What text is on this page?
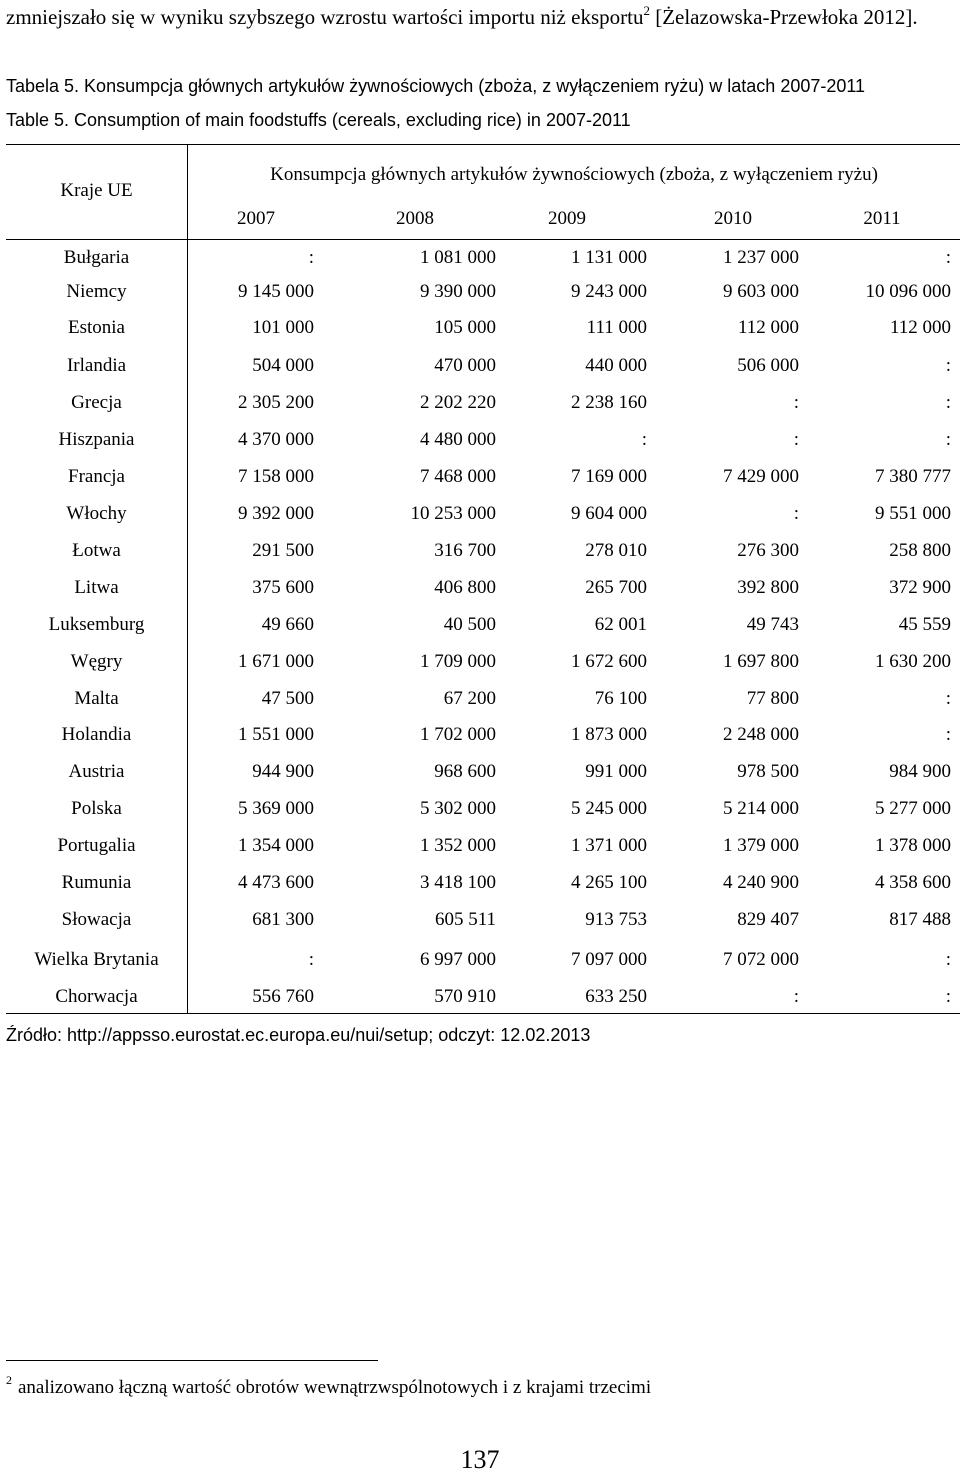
zmniejszało się w wyniku szybszego wzrostu wartości importu niż eksportu$^2$ [Żelazowska-Przewłoka 2012].
Tabela 5. Konsumpcja głównych artykułów żywnościowych (zboża, z wyłączeniem ryżu) w latach 2007-2011
Table 5. Consumption of main foodstuffs (cereals, excluding rice) in 2007-2011
Kraje UE
Konsumpcja głównych artykułów żywnościowych (zboża, z wyłączeniem ryżu)
2007	2008	2009	2010	2011
Bułgaria	:	1 081 000	1 131 000	1 237 000	:
Niemcy	9 145 000	9 390 000	9 243 000	9 603 000	10 096 000
Estonia	101 000	105 000	111 000	112 000	112 000
Irlandia	504 000	470 000	440 000	506 000	:
Grecja	2 305 200	2 202 220	2 238 160	:	:
Hiszpania	4 370 000	4 480 000	:	:	:
Francja	7 158 000	7 468 000	7 169 000	7 429 000	7 380 777
Włochy	9 392 000	10 253 000	9 604 000	:	9 551 000
Łotwa	291 500	316 700	278 010	276 300	258 800
Litwa	375 600	406 800	265 700	392 800	372 900
Luksemburg	49 660	40 500	62 001	49 743	45 559
Węgry	1 671 000	1 709 000	1 672 600	1 697 800	1 630 200
Malta	47 500	67 200	76 100	77 800	:
Holandia	1 551 000	1 702 000	1 873 000	2 248 000	:
Austria	944 900	968 600	991 000	978 500	984 900
Polska	5 369 000	5 302 000	5 245 000	5 214 000	5 277 000
Portugalia	1 354 000	1 352 000	1 371 000	1 379 000	1 378 000
Rumunia	4 473 600	3 418 100	4 265 100	4 240 900	4 358 600
Słowacja	681 300	605 511	913 753	829 407	817 488
Wielka Brytania	:	6 997 000	7 097 000	7 072 000	:
Chorwacja	556 760	570 910	633 250	:	:
Źródło: http://appsso.eurostat.ec.europa.eu/nui/setup; odczyt: 12.02.2013
$^2$ analizowano łączną wartość obrotów wewnątrzwspólnotowych i z krajami trzecimi
137
